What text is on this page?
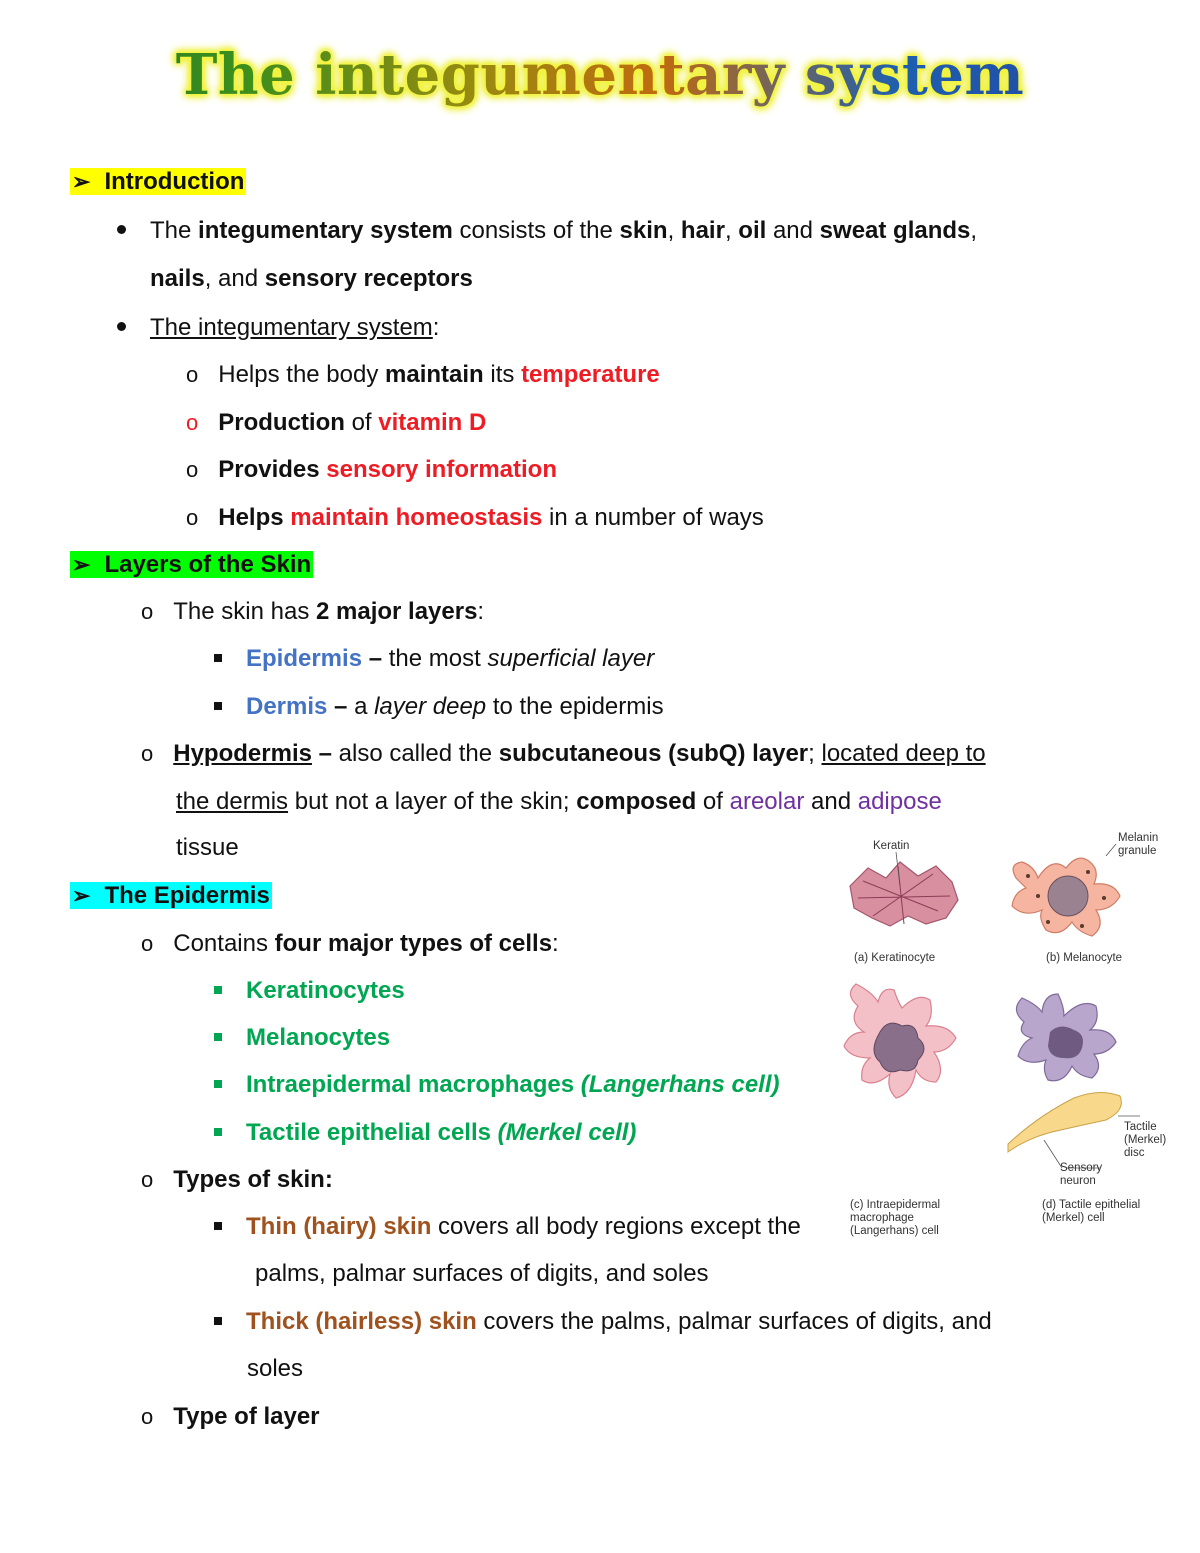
The integumentary system
➢ Introduction
The integumentary system consists of the skin, hair, oil and sweat glands,
nails, and sensory receptors
The integumentary system:
o Helps the body maintain its temperature
o Production of vitamin D
o Provides sensory information
o Helps maintain homeostasis in a number of ways
➢ Layers of the Skin
o The skin has 2 major layers:
Epidermis – the most superficial layer
Dermis – a layer deep to the epidermis
o Hypodermis – also called the subcutaneous (subQ) layer; located deep to
the dermis but not a layer of the skin; composed of areolar and adipose
tissue
➢ The Epidermis
o Contains four major types of cells:
Keratinocytes
Melanocytes
Intraepidermal macrophages (Langerhans cell)
Tactile epithelial cells (Merkel cell)
o Types of skin:
Thin (hairy) skin covers all body regions except the
palms, palmar surfaces of digits, and soles
Thick (hairless) skin covers the palms, palmar surfaces of digits, and
soles
o Type of layer
Keratin
Melanin
granule
(a) Keratinocyte	(b) Melanocyte
Tactile
(Merkel)
disc
Sensory
neuron
(c) Intraepidermal
macrophage
(Langerhans) cell
(d) Tactile epithelial
(Merkel) cell
